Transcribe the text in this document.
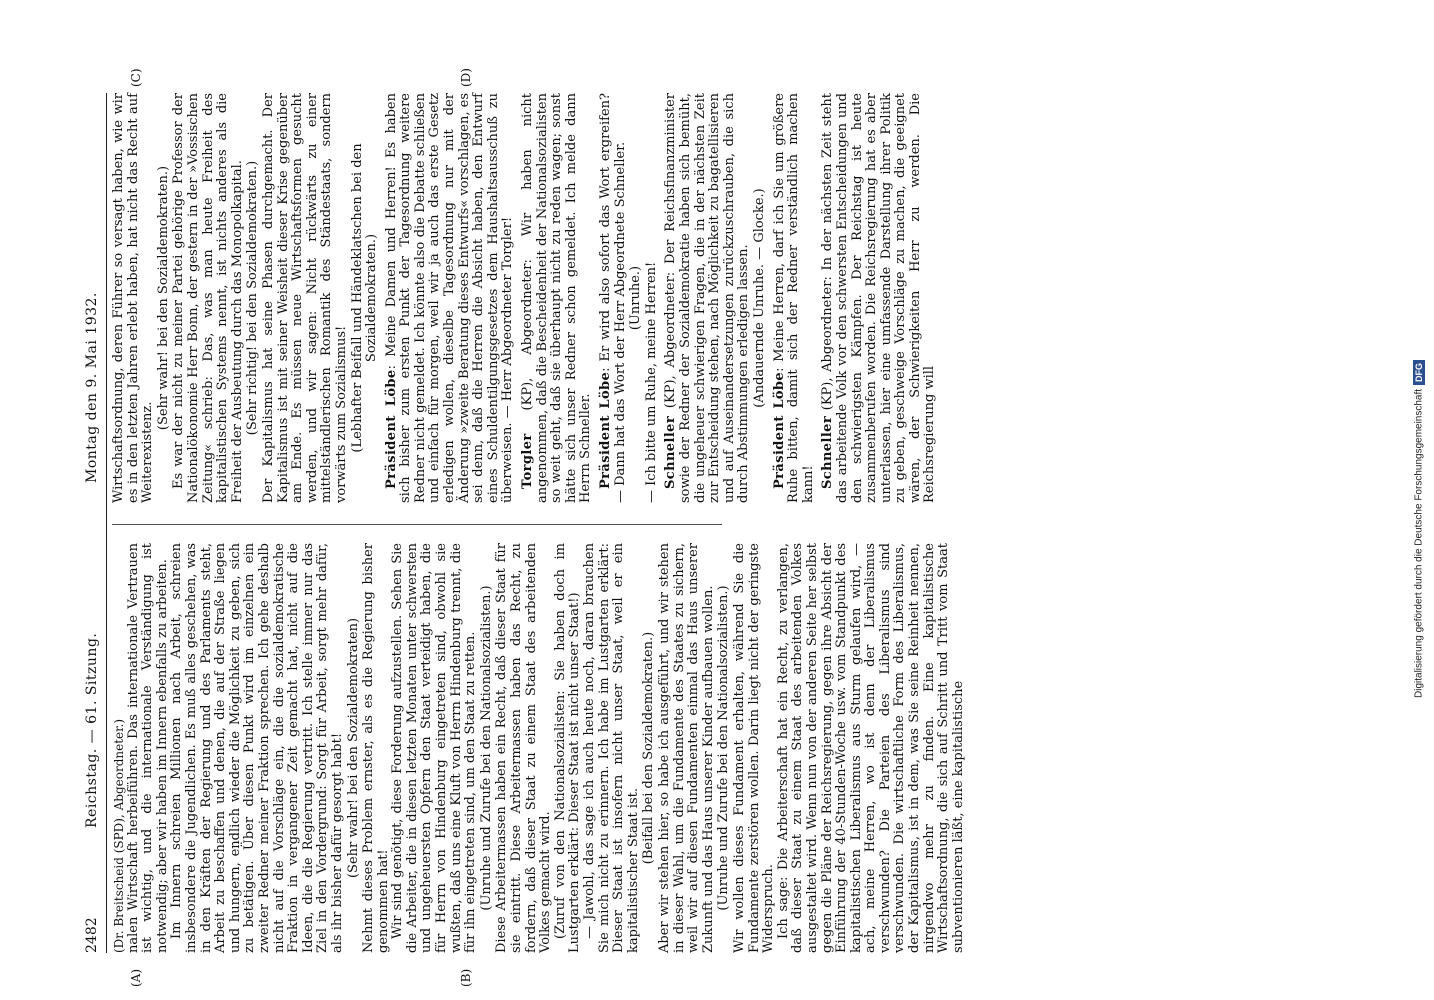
2482
Reichstag. — 61. Sitzung.
Montag den 9. Mai 1932.
(A)	(B)
(C)	(D)

(Dr. Breitscheid (SPD), Abgeordneter.) nalen Wirtschaft herbeiführen. Das internationale Vertrauen ist wichtig, und die internationale Verständigung ist notwendig; aber wir haben im Innern ebenfalls zu arbeiten. Im Innern schreien Millionen nach Arbeit, schreien insbesondere die Jugendlichen. Es muß alles geschehen, was in den Kräften der Regierung und des Parlaments steht, Arbeit zu beschaffen und denen, die auf der Straße liegen und hungern, endlich wieder die Möglichkeit zu geben, sich zu betätigen. Über diesen Punkt wird im einzelnen ein zweiter Redner meiner Fraktion sprechen. Ich gehe deshalb nicht auf die Vorschläge ein, die die sozialdemokratische Fraktion in vergangener Zeit gemacht hat, nicht auf die Ideen, die die Regierung vertritt. Ich stelle immer nur das Ziel in den Vordergrund: Sorgt für Arbeit, sorgt mehr dafür, als ihr bisher dafür gesorgt habt! (Sehr wahr! bei den Sozialdemokraten) Nehmt dieses Problem ernster, als es die Regierung bisher genommen hat! Wir sind genötigt, diese Forderung aufzustellen. Sehen Sie die Arbeiter, die in diesen letzten Monaten unter schwersten und ungeheuersten Opfern den Staat verteidigt haben, die für Herrn von Hindenburg eingetreten sind, obwohl sie wußten, daß uns eine Kluft von Herrn Hindenburg trennt, die für ihn eingetreten sind, um den Staat zu retten. (Unruhe und Zurufe bei den Nationalsozialisten.) Diese Arbeitermassen haben ein Recht, daß dieser Staat für sie eintritt. Diese Arbeitermassen haben das Recht, zu fordern, daß dieser Staat zu einem Staat des arbeitenden Volkes gemacht wird. (Zuruf von den Nationalsozialisten: Sie haben doch im Lustgarten erklärt: Dieser Staat ist nicht unser Staat!) — Jawohl, das sage ich auch heute noch, daran brauchen Sie mich nicht zu erinnern. Ich habe im Lustgarten erklärt: Dieser Staat ist insofern nicht unser Staat, weil er ein kapitalistischer Staat ist.

(Beifall bei den Sozialdemokraten.) Aber wir stehen hier, so habe ich ausgeführt, und wir stehen in dieser Wahl, um die Fundamente des Staates zu sichern, weil wir auf diesen Fundamenten einmal das Haus unserer Zukunft und das Haus unserer Kinder aufbauen wollen. (Unruhe und Zurufe bei den Nationalsozialisten.) Wir wollen dieses Fundament erhalten, während Sie die Fundamente zerstören wollen. Darin liegt nicht der geringste Widerspruch. Ich sage: Die Arbeiterschaft hat ein Recht, zu verlangen, daß dieser Staat zu einem Staat des arbeitenden Volkes ausgestaltet wird. Wenn nun von der anderen Seite her selbst gegen die Pläne der Reichsregierung, gegen ihre Absicht der Einführung der 40-Stunden-Woche usw. vom Standpunkt des kapitalistischen Liberalismus aus Sturm gelaufen wird, — ach, meine Herren, wo ist denn der Liberalismus verschwunden? Die Parteien des Liberalismus sind verschwunden. Die wirtschaftliche Form des Liberalismus, der Kapitalismus, ist in dem, was Sie seine Reinheit nennen, nirgendwo mehr zu finden. Eine kapitalistische Wirtschaftsordnung, die sich auf Schritt und Tritt vom Staat subventionieren läßt, eine kapitalistische

Wirtschaftsordnung, deren Führer so versagt haben, wie wir es in den letzten Jahren erlebt haben, hat nicht das Recht auf Weiterexistenz.

(Sehr wahr! bei den Sozialdemokraten.) Es war der nicht zu meiner Partei gehörige Professor der Nationalökonomie Herr Bonn, der gestern in der »Vossischen Zeitung« schrieb: Das, was man heute Freiheit des kapitalistischen Systems nennt, ist nichts anderes als die Freiheit der Ausbeutung durch das Monopolkapital. (Sehr richtig! bei den Sozialdemokraten.) Der Kapitalismus hat seine Phasen durchgemacht. Der Kapitalismus ist mit seiner Weisheit dieser Krise gegenüber am Ende. Es müssen neue Wirtschaftsformen gesucht werden, und wir sagen: Nicht rückwärts zu einer mittelständlerischen Romantik des Ständestaats, sondern vorwärts zum Sozialismus! (Lebhafter Beifall und Händeklatschen bei den Sozialdemokraten.)

Präsident Löbe: Meine Damen und Herren! Es haben sich bisher zum ersten Punkt der Tagesordnung weitere Redner nicht gemeldet. Ich könnte also die Debatte schließen und einfach für morgen, weil wir ja auch das erste Gesetz erledigen wollen, dieselbe Tagesordnung nur mit der Änderung »zweite Beratung dieses Entwurfs« vorschlagen, es sei denn, daß die Herren die Absicht haben, den Entwurf eines Schuldentilgungsgesetzes dem Haushaltsausschuß zu überweisen. — Herr Abgeordneter Torgler! Torgler (KP), Abgeordneter: Wir haben nicht angenommen, daß die Bescheidenheit der Nationalsozialisten so weit geht, daß sie überhaupt nicht zu reden wagen; sonst hätte sich unser Redner schon gemeldet. Ich melde dann Herrn Schneller. Präsident Löbe: Er wird also sofort das Wort ergreifen? — Dann hat das Wort der Herr Abgeordnete Schneller. (Unruhe.) — Ich bitte um Ruhe, meine Herren! Schneller (KP), Abgeordneter: Der Reichsfinanzminister sowie der Redner der Sozialdemokratie haben sich bemüht, die ungeheuer schwierigen Fragen, die in der nächsten Zeit zur Entscheidung stehen, nach Möglichkeit zu bagatellisieren und auf Auseinandersetzungen zurückzuschrauben, die sich durch Abstimmungen erledigen lassen. (Andauernde Unruhe. — Glocke.)

Präsident Löbe: Meine Herren, darf ich Sie um größere Ruhe bitten, damit sich der Redner verständlich machen kann! Schneller (KP), Abgeordneter: In der nächsten Zeit steht das arbeitende Volk vor den schwersten Entscheidungen und den schwierigsten Kämpfen. Der Reichstag ist heute zusammenberufen worden. Die Reichsregierung hat es aber unterlassen, hier eine umfassende Darstellung ihrer Politik zu geben, geschweige Vorschläge zu machen, die geeignet wären, der Schwierigkeiten Herr zu werden. Die Reichsregierung will	Digitalisierung gefördert durch die Deutsche Forschungsgemeinschaft
DFG
